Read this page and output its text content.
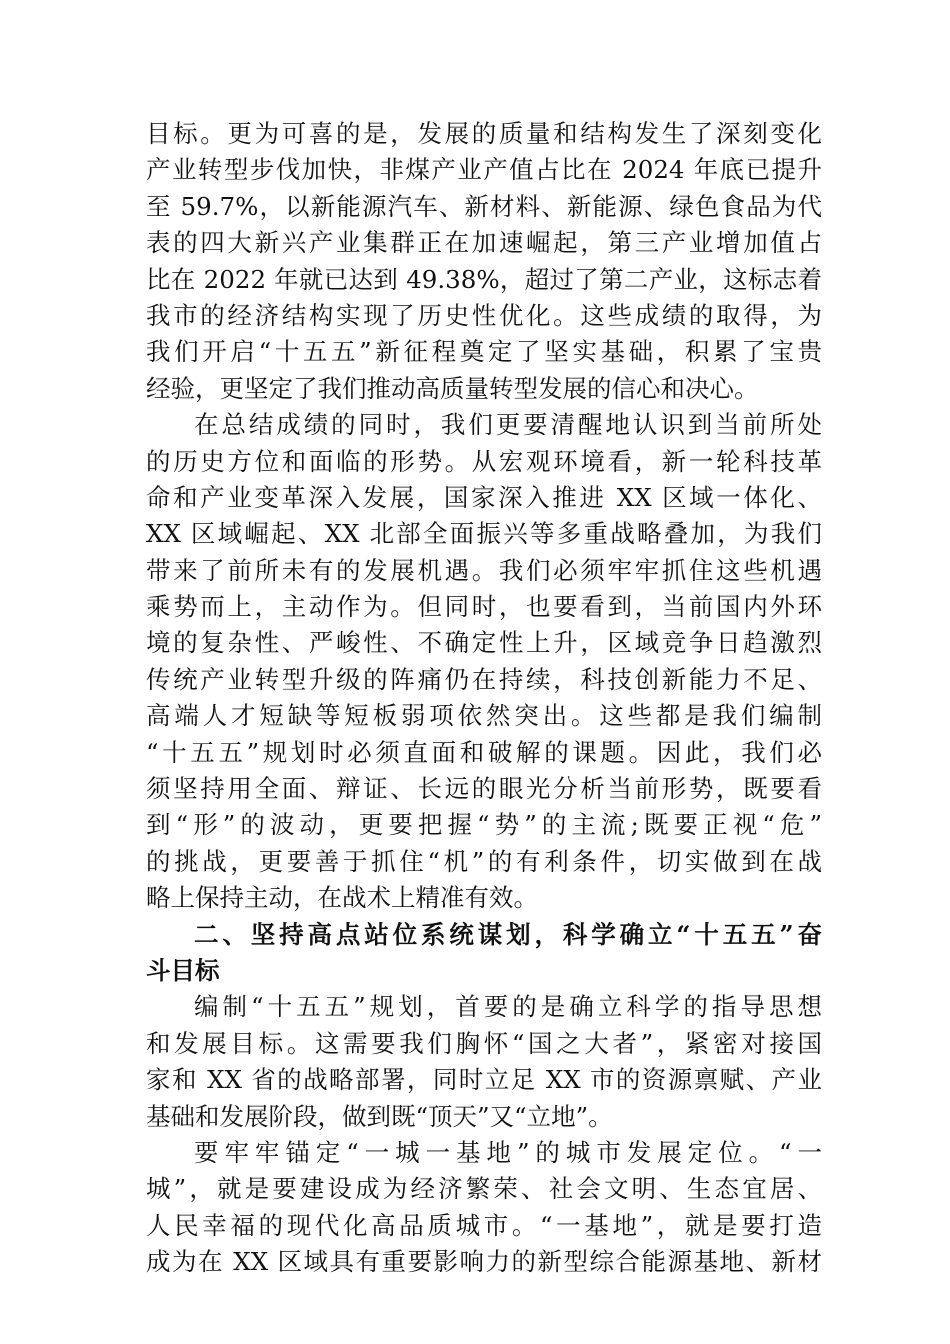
目标。更为可喜的是，发展的质量和结构发生了深刻变化
产业转型步伐加快，非煤产业产值占比在 2024 年底已提升
至 59.7%，以新能源汽车、新材料、新能源、绿色食品为代
表的四大新兴产业集群正在加速崛起，第三产业增加值占
比在 2022 年就已达到 49.38%，超过了第二产业，这标志着
我市的经济结构实现了历史性优化。这些成绩的取得，为
我们开启“十五五”新征程奠定了坚实基础，积累了宝贵
经验，更坚定了我们推动高质量转型发展的信心和决心。
在总结成绩的同时，我们更要清醒地认识到当前所处
的历史方位和面临的形势。从宏观环境看，新一轮科技革
命和产业变革深入发展，国家深入推进 XX 区域一体化、
XX 区域崛起、XX 北部全面振兴等多重战略叠加，为我们
带来了前所未有的发展机遇。我们必须牢牢抓住这些机遇
乘势而上，主动作为。但同时，也要看到，当前国内外环
境的复杂性、严峻性、不确定性上升，区域竞争日趋激烈
传统产业转型升级的阵痛仍在持续，科技创新能力不足、
高端人才短缺等短板弱项依然突出。这些都是我们编制
“十五五”规划时必须直面和破解的课题。因此，我们必
须坚持用全面、辩证、长远的眼光分析当前形势，既要看
到“形”的波动，更要把握“势”的主流;既要正视“危”
的挑战，更要善于抓住“机”的有利条件，切实做到在战
略上保持主动，在战术上精准有效。
二、坚持高点站位系统谋划，科学确立“十五五”奋
斗目标
编制“十五五”规划，首要的是确立科学的指导思想
和发展目标。这需要我们胸怀“国之大者”，紧密对接国
家和 XX 省的战略部署，同时立足 XX 市的资源禀赋、产业
基础和发展阶段，做到既“顶天”又“立地”。
要牢牢锚定“一城一基地”的城市发展定位。“一
城”，就是要建设成为经济繁荣、社会文明、生态宜居、
人民幸福的现代化高品质城市。“一基地”，就是要打造
成为在 XX 区域具有重要影响力的新型综合能源基地、新材
